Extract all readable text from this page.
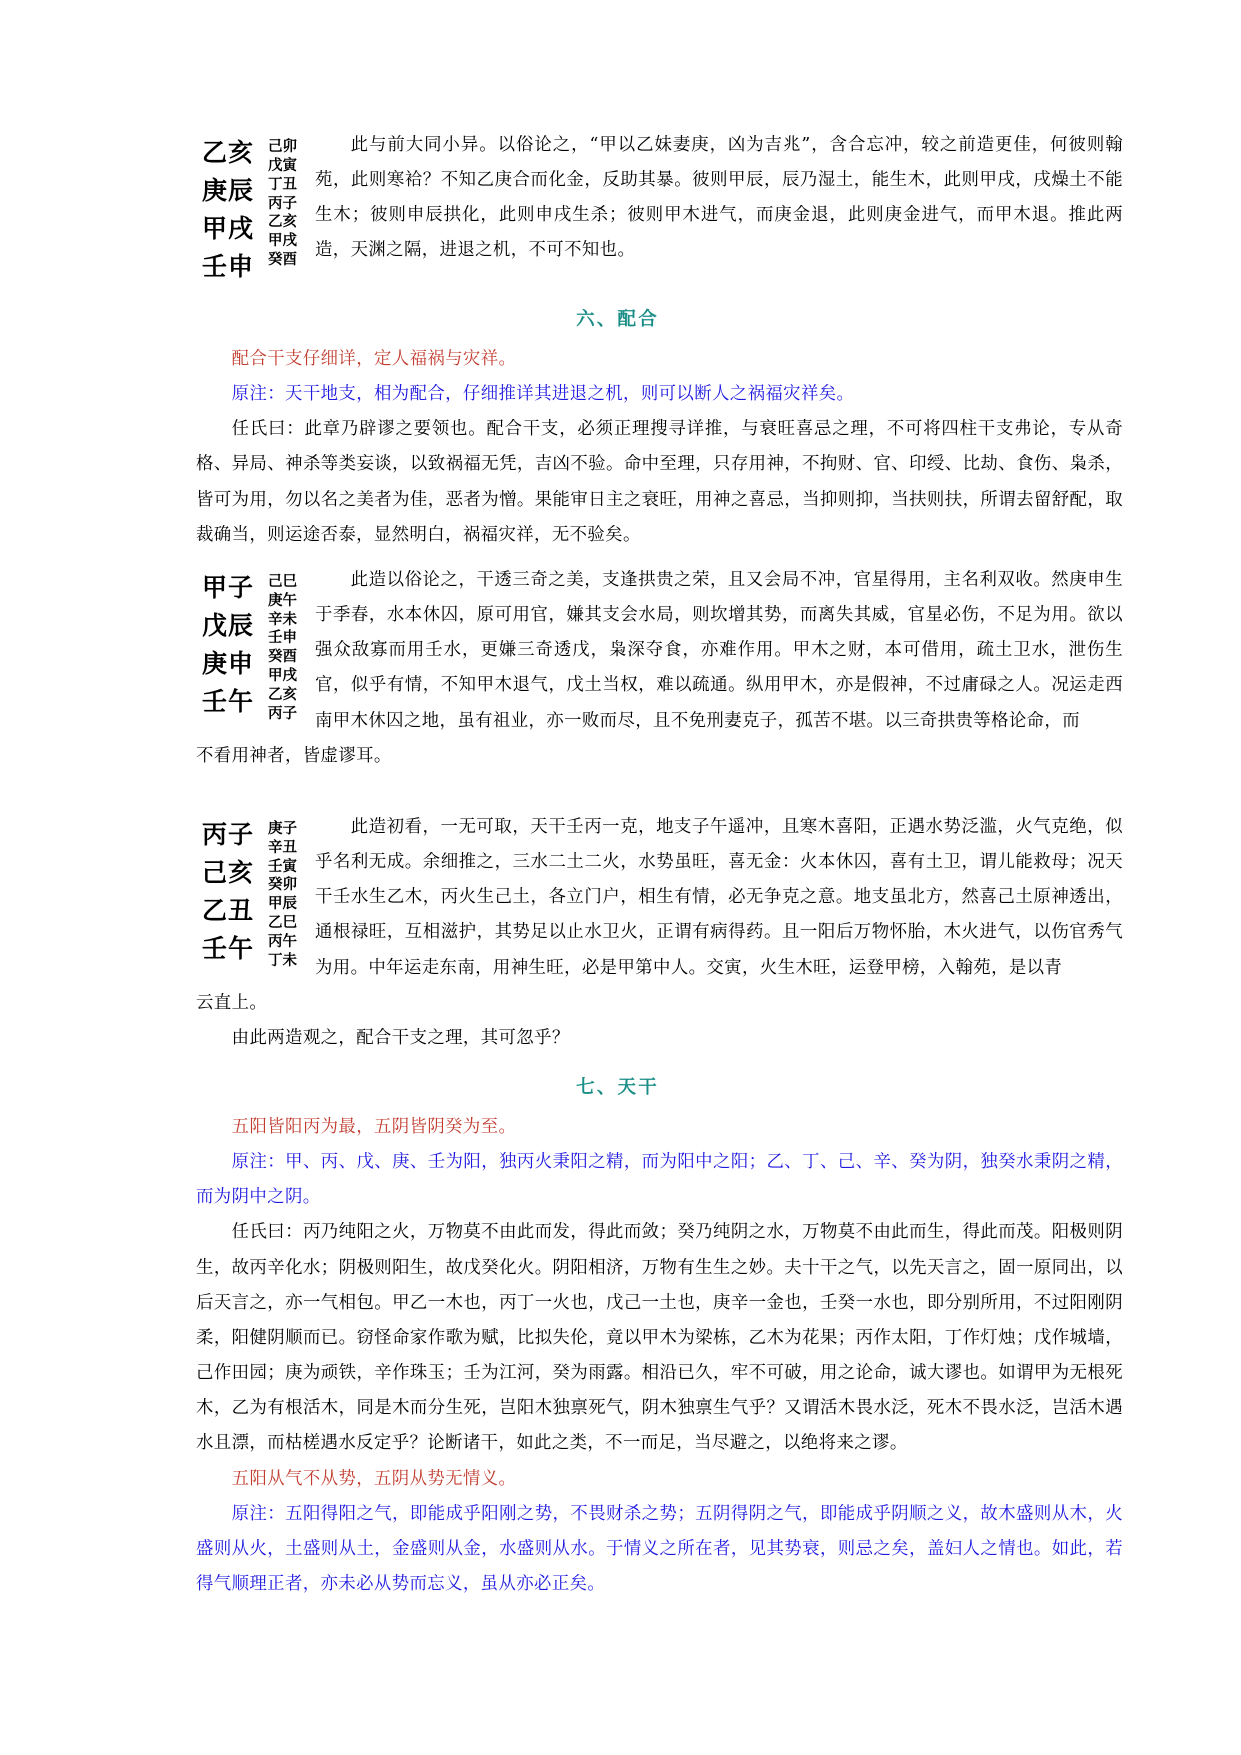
乙亥
庚辰
甲戌
壬申
卯
寅
丑
子
亥
戌
酉
己
戊
丁
丙
乙
甲
癸

此与前大同小异。以俗论之，“甲以乙妹妻庚，凶为吉兆”，含合忘冲，较之前造更佳，何彼则翰苑，此则寒袷？不知乙庚合而化金，反助其暴。彼则甲辰，辰乃湿土，能生木，此则甲戌，戌燥土不能生木；彼则申辰拱化，此则申戌生杀；彼则甲木进气，而庚金退，此则庚金进气，而甲木退。推此两造，天渊之隔，进退之机，不可不知也。

六、配合

配合干支仔细详，定人福祸与灾祥。

原注：天干地支，相为配合，仔细推详其进退之机，则可以断人之祸福灾祥矣。

任氏曰：此章乃辟谬之要领也。配合干支，必须正理搜寻详推，与衰旺喜忌之理，不可将四柱干支弗论，专从奇格、异局、神杀等类妄谈，以致祸福无凭，吉凶不验。命中至理，只存用神，不拘财、官、印绶、比劫、食伤、枭杀，皆可为用，勿以名之美者为佳，恶者为憎。果能审日主之衰旺，用神之喜忌，当抑则抑，当扶则扶，所谓去留舒配，取裁确当，则运途否泰，显然明白，祸福灾祥，无不验矣。

甲子
戊辰
庚申
壬午
巳
午
未
申
酉
戌
亥
子
己
庚
辛
壬
癸
甲
乙
丙

此造以俗论之，干透三奇之美，支逢拱贵之荣，且又会局不冲，官星得用，主名利双收。然庚申生于季春，水本休囚，原可用官，嫌其支会水局，则坎增其势，而离失其威，官星必伤，不足为用。欲以强众敌寡而用壬水，更嫌三奇透戊，枭深夺食，亦难作用。甲木之财，本可借用，疏土卫水，泄伤生官，似乎有情，不知甲木退气，戊土当权，难以疏通。纵用甲木，亦是假神，不过庸碌之人。况运走西南甲木休囚之地，虽有祖业，亦一败而尽，且不免刑妻克子，孤苦不堪。以三奇拱贵等格论命，而

不看用神者，皆虚谬耳。

丙子
己亥
乙丑
壬午
子
丑
寅
卯
辰
巳
午
未
庚
辛
壬
癸
甲
乙
丙
丁

此造初看，一无可取，天干壬丙一克，地支子午遥冲，且寒木喜阳，正遇水势泛滥，火气克绝，似乎名利无成。余细推之，三水二土二火，水势虽旺，喜无金：火本休囚，喜有土卫，谓儿能救母；况天干壬水生乙木，丙火生己土，各立门户，相生有情，必无争克之意。地支虽北方，然喜己土原神透出，通根禄旺，互相滋护，其势足以止水卫火，正谓有病得药。且一阳后万物怀胎，木火进气，以伤官秀气为用。中年运走东南，用神生旺，必是甲第中人。交寅，火生木旺，运登甲榜，入翰苑，是以青

云直上。

由此两造观之，配合干支之理，其可忽乎？

七、天干

五阳皆阳丙为最，五阴皆阴癸为至。

原注：甲、丙、戊、庚、壬为阳，独丙火秉阳之精，而为阳中之阳；乙、丁、己、辛、癸为阴，独癸水秉阴之精，而为阴中之阴。

任氏曰：丙乃纯阳之火，万物莫不由此而发，得此而敛；癸乃纯阴之水，万物莫不由此而生，得此而茂。阳极则阴生，故丙辛化水；阴极则阳生，故戊癸化火。阴阳相济，万物有生生之妙。夫十干之气，以先天言之，固一原同出，以后天言之，亦一气相包。甲乙一木也，丙丁一火也，戊己一土也，庚辛一金也，壬癸一水也，即分别所用，不过阳刚阴柔，阳健阴顺而已。窃怪命家作歌为赋，比拟失伦，竟以甲木为梁栋，乙木为花果；丙作太阳，丁作灯烛；戊作城墙，己作田园；庚为顽铁，辛作珠玉；壬为江河，癸为雨露。相沿已久，牢不可破，用之论命，诚大谬也。如谓甲为无根死木，乙为有根活木，同是木而分生死，岂阳木独禀死气，阴木独禀生气乎？又谓活木畏水泛，死木不畏水泛，岂活木遇水且漂，而枯槎遇水反定乎？论断诸干，如此之类，不一而足，当尽避之，以绝将来之谬。

五阳从气不从势，五阴从势无情义。

原注：五阳得阳之气，即能成乎阳刚之势，不畏财杀之势；五阴得阴之气，即能成乎阴顺之义，故木盛则从木，火盛则从火，土盛则从土，金盛则从金，水盛则从水。于情义之所在者，见其势衰，则忌之矣，盖妇人之情也。如此，若得气顺理正者，亦未必从势而忘义，虽从亦必正矣。
